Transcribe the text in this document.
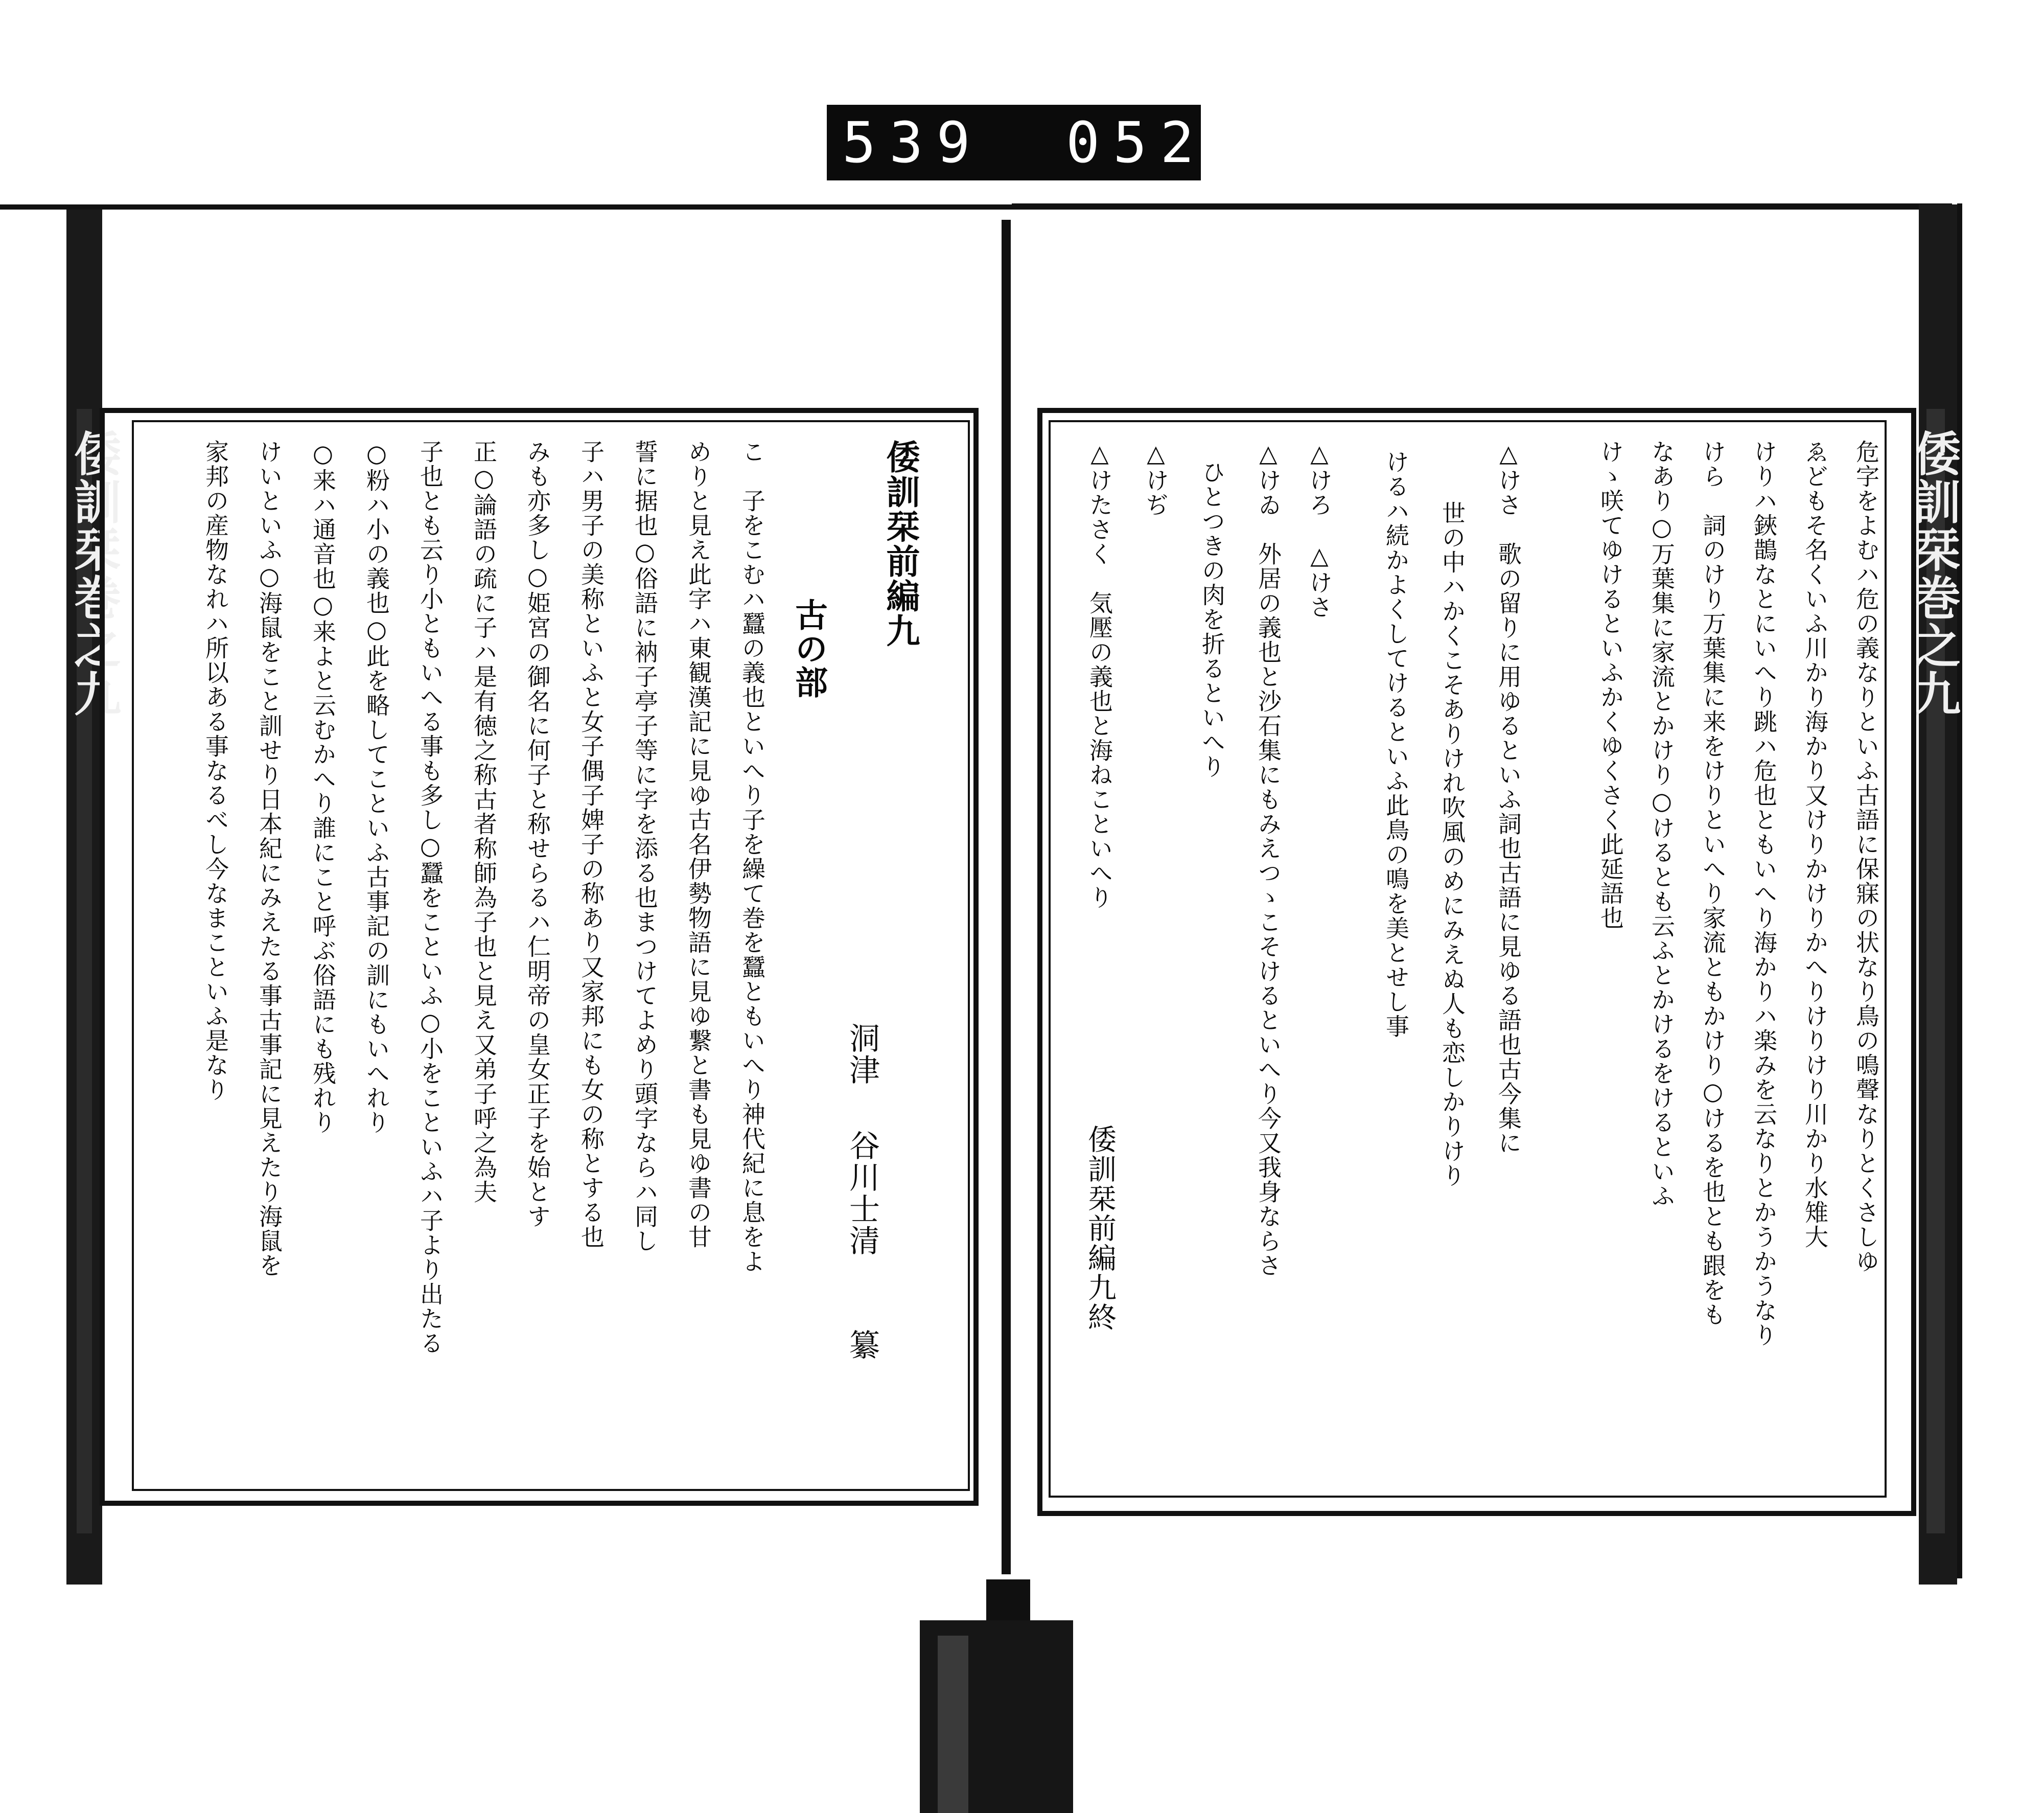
539 052
倭訓栞巻之九	倭訓栞巻之九
倭訓栞前編九
古の部
洞津
谷川士清
纂
こ　子をこむハ蠶の義也といへり子を繰て巻を蠶ともいへり神代紀に息をよ
めりと見え此字ハ東観漢記に見ゆ古名伊勢物語に見ゆ繋と書も見ゆ書の甘
誓に据也○俗語に衲子亭子等に字を添る也まつけてよめり頭字ならハ同し
子ハ男子の美称といふと女子偶子婢子の称あり又家邦にも女の称とする也
みも亦多し○姫宮の御名に何子と称せらるハ仁明帝の皇女正子を始とす
正○論語の疏に子ハ是有徳之称古者称師為子也と見え又弟子呼之為夫
子也とも云り小ともいへる事も多し○蠶をこといふ○小をこといふハ子より出たる
○粉ハ小の義也○此を略してこといふ古事記の訓にもいへれり
○来ハ通音也○来よと云むかへり誰にこと呼ぶ俗語にも残れり
けいといふ○海鼠をこと訓せり日本紀にみえたる事古事記に見えたり海鼠を
家邦の産物なれハ所以ある事なるべし今なまこといふ是なり	危字をよむハ危の義なりといふ古語に保寐の状なり鳥の鳴聲なりとくさしゆ
ゑどもそ名くいふ川かり海かり又けりかけりかへりけりけり川かり水雉大
けりハ鋏鵲なとにいへり跳ハ危也ともいへり海かりハ楽みを云なりとかうかうなり
けら　詞のけり万葉集に来をけりといへり家流ともかけり○けるを也とも跟をも
なあり○万葉集に家流とかけり○けるとも云ふとかけるをけるといふ
けゝ咲てゆけるといふかくゆくさく此延語也
△けさ　歌の留りに用ゆるといふ詞也古語に見ゆる語也古今集に
世の中ハかくこそありけれ吹風のめにみえぬ人も恋しかりけり
けるハ続かよくしてけるといふ此鳥の鳴を美とせし事
△けろ　△けさ
△けゐ　外居の義也と沙石集にもみえつゝこそけるといへり今又我身ならさ
ひとつきの肉を折るといへり
△けぢ
△けたさく　気壓の義也と海ねこといへり
倭訓栞前編九終
